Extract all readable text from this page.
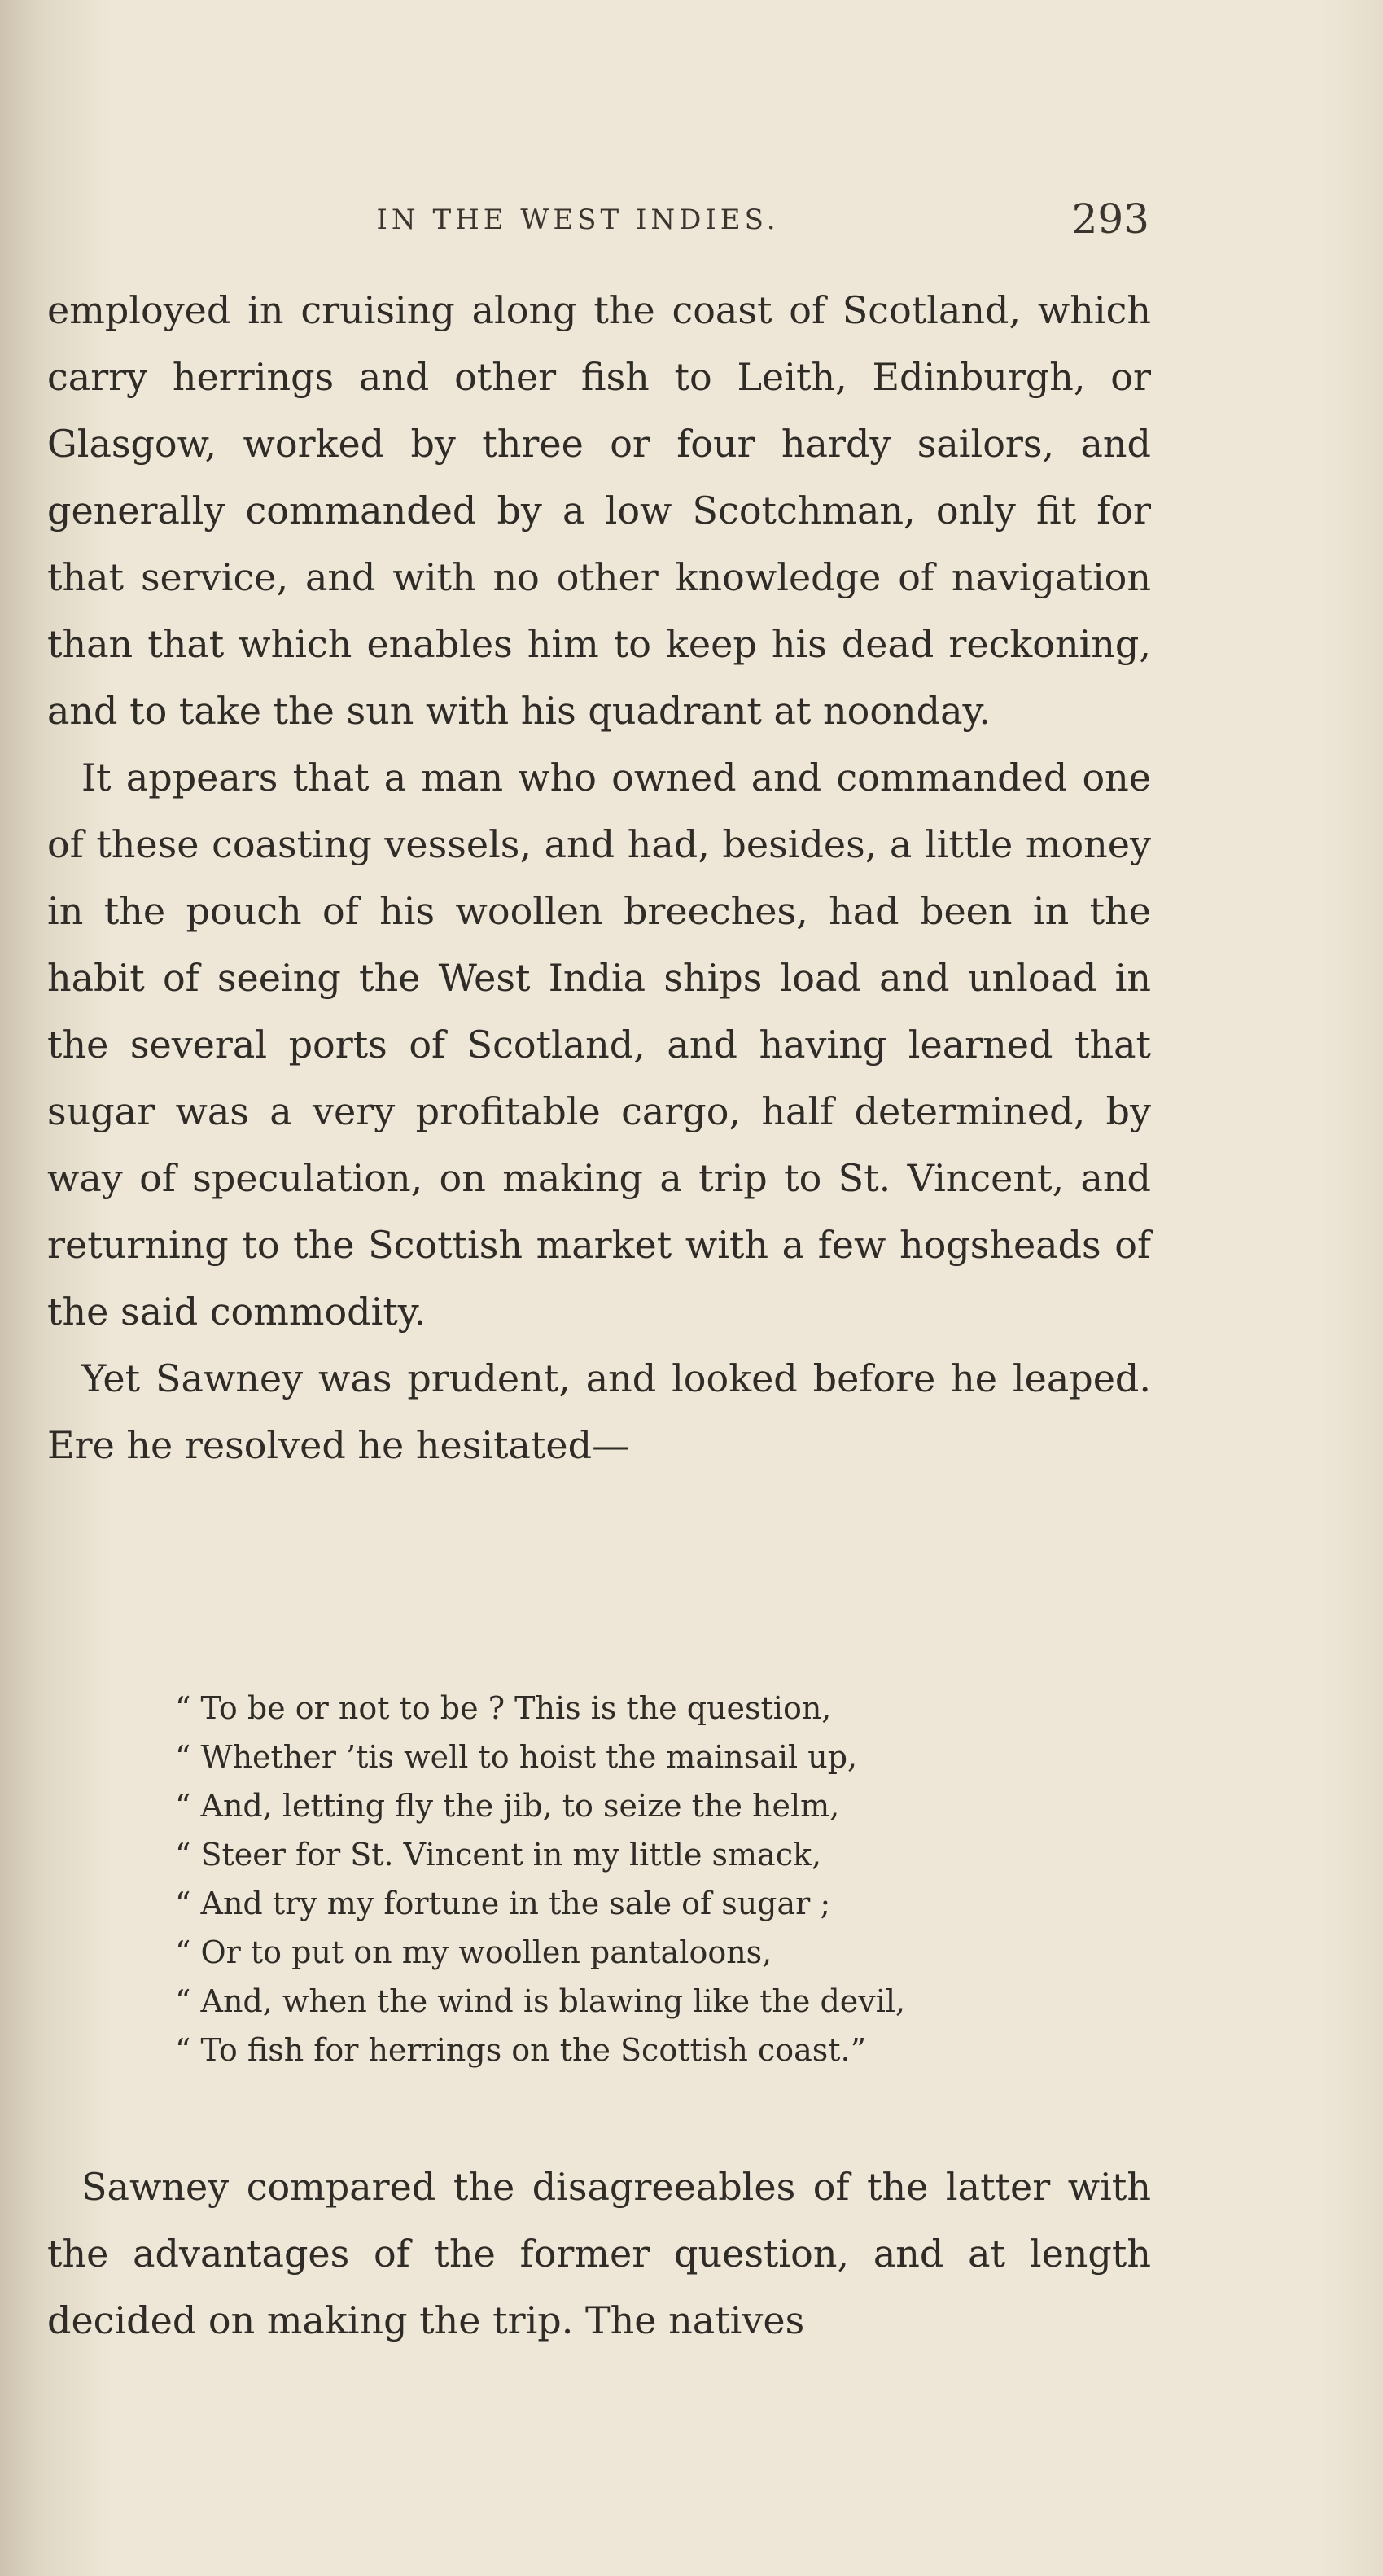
IN THE WEST INDIES.	293

employed in cruising along the coast of Scotland, which carry herrings and other fish to Leith, Edinburgh, or Glasgow, worked by three or four hardy sailors, and generally commanded by a low Scotchman, only fit for that service, and with no other knowledge of navigation than that which enables him to keep his dead reckoning, and to take the sun with his quadrant at noonday.

It appears that a man who owned and commanded one of these coasting vessels, and had, besides, a little money in the pouch of his woollen breeches, had been in the habit of seeing the West India ships load and unload in the several ports of Scotland, and having learned that sugar was a very profitable cargo, half determined, by way of speculation, on making a trip to St. Vincent, and returning to the Scottish market with a few hogsheads of the said commodity.

Yet Sawney was prudent, and looked before he leaped. Ere he resolved he hesitated—

“ To be or not to be ? This is the question,
“ Whether ’tis well to hoist the mainsail up,
“ And, letting fly the jib, to seize the helm,
“ Steer for St. Vincent in my little smack,
“ And try my fortune in the sale of sugar ;
“ Or to put on my woollen pantaloons,
“ And, when the wind is blawing like the devil,
“ To fish for herrings on the Scottish coast.”

Sawney compared the disagreeables of the latter with the advantages of the former question, and at length decided on making the trip. The natives
